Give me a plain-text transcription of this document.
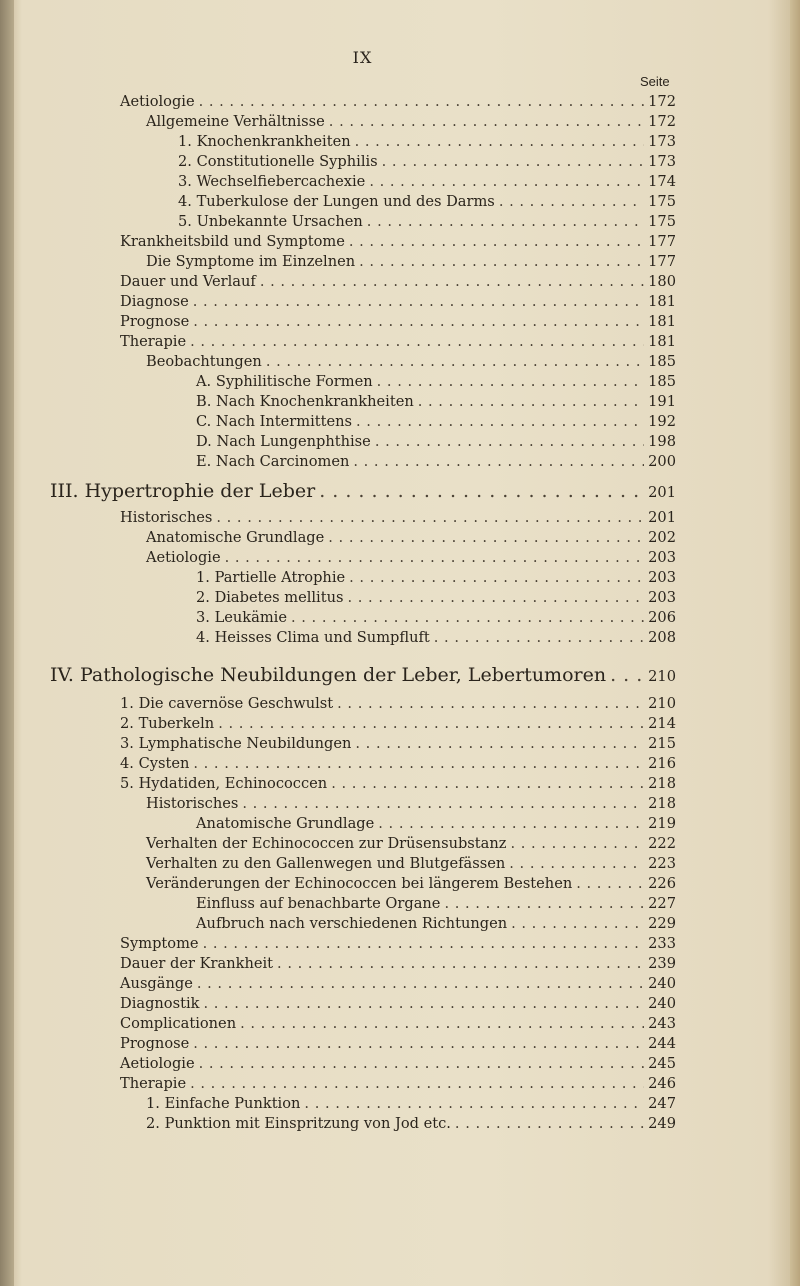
IX
Seite
Aetiologie . . .	172
Allgemeine Verhältnisse . . .	172
1. Knochenkrankheiten . . .	173
2. Constitutionelle Syphilis . . .	173
3. Wechselfiebercachexie . . .	174
4. Tuberkulose der Lungen und des Darms . . .	175
5. Unbekannte Ursachen . . .	175
Krankheitsbild und Symptome . . .	177
Die Symptome im Einzelnen . . .	177
Dauer und Verlauf . . .	180
Diagnose . . .	181
Prognose . . .	181
Therapie . . .	181
Beobachtungen . . .	185
A. Syphilitische Formen . . .	185
B. Nach Knochenkrankheiten . . .	191
C. Nach Intermittens . . .	192
D. Nach Lungenphthise . . .	198
E. Nach Carcinomen . . .	200
III. Hypertrophie der Leber . . .	201
Historisches . . .	201
Anatomische Grundlage . . .	202
Aetiologie . . .	203
1. Partielle Atrophie . . .	203
2. Diabetes mellitus . . .	203
3. Leukämie . . .	206
4. Heisses Clima und Sumpfluft . . .	208
IV. Pathologische Neubildungen der Leber, Lebertumoren . . .	210
1. Die cavernöse Geschwulst . . .	210
2. Tuberkeln . . .	214
3. Lymphatische Neubildungen . . .	215
4. Cysten . . .	216
5. Hydatiden, Echinococcen . . .	218
Historisches . . .	218
Anatomische Grundlage . . .	219
Verhalten der Echinococcen zur Drüsensubstanz . . .	222
Verhalten zu den Gallenwegen und Blutgefässen . . .	223
Veränderungen der Echinococcen bei längerem Bestehen . . .	226
Einfluss auf benachbarte Organe . . .	227
Aufbruch nach verschiedenen Richtungen . . .	229
Symptome . . .	233
Dauer der Krankheit . . .	239
Ausgänge . . .	240
Diagnostik . . .	240
Complicationen . . .	243
Prognose . . .	244
Aetiologie . . .	245
Therapie . . .	246
1. Einfache Punktion . . .	247
2. Punktion mit Einspritzung von Jod etc. . . .	249
